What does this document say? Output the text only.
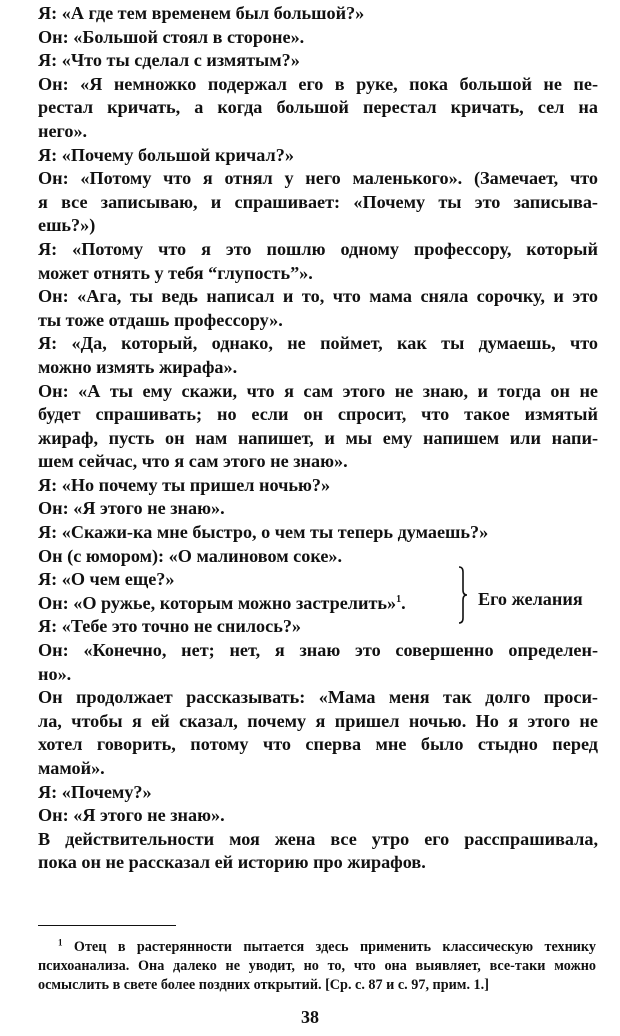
Я: «А где тем временем был большой?»
Он: «Большой стоял в стороне».
Я: «Что ты сделал с измятым?»
Он: «Я немножко подержал его в руке, пока большой не пе-
рестал кричать, а когда большой перестал кричать, сел на
него».
Я: «Почему большой кричал?»
Он: «Потому что я отнял у него маленького». (Замечает, что
я все записываю, и спрашивает: «Почему ты это записыва-
ешь?»)
Я: «Потому что я это пошлю одному профессору, который
может отнять у тебя “глупость”».
Он: «Ага, ты ведь написал и то, что мама сняла сорочку, и это
ты тоже отдашь профессору».
Я: «Да, который, однако, не поймет, как ты думаешь, что
можно измять жирафа».
Он: «А ты ему скажи, что я сам этого не знаю, и тогда он не
будет спрашивать; но если он спросит, что такое измятый
жираф, пусть он нам напишет, и мы ему напишем или напи-
шем сейчас, что я сам этого не знаю».
Я: «Но почему ты пришел ночью?»
Он: «Я этого не знаю».
Я: «Скажи-ка мне быстро, о чем ты теперь думаешь?»
Он (с юмором): «О малиновом соке».
Я: «О чем еще?»
Он: «О ружье, которым можно застрелить»$^1$.
Я: «Тебе это точно не снилось?»
Он: «Конечно, нет; нет, я знаю это совершенно определен-
но».
Он продолжает рассказывать: «Мама меня так долго проси-
ла, чтобы я ей сказал, почему я пришел ночью. Но я этого не
хотел говорить, потому что сперва мне было стыдно перед
мамой».
Я: «Почему?»
Он: «Я этого не знаю».
В действительности моя жена все утро его расспрашивала,
пока он не рассказал ей историю про жирафов.
Его желания
$^1$ Отец в растерянности пытается здесь применить классическую технику
психоанализа. Она далеко не уводит, но то, что она выявляет, все-таки можно
осмыслить в свете более поздних открытий. [Ср. с. 87 и с. 97, прим. 1.]
38
